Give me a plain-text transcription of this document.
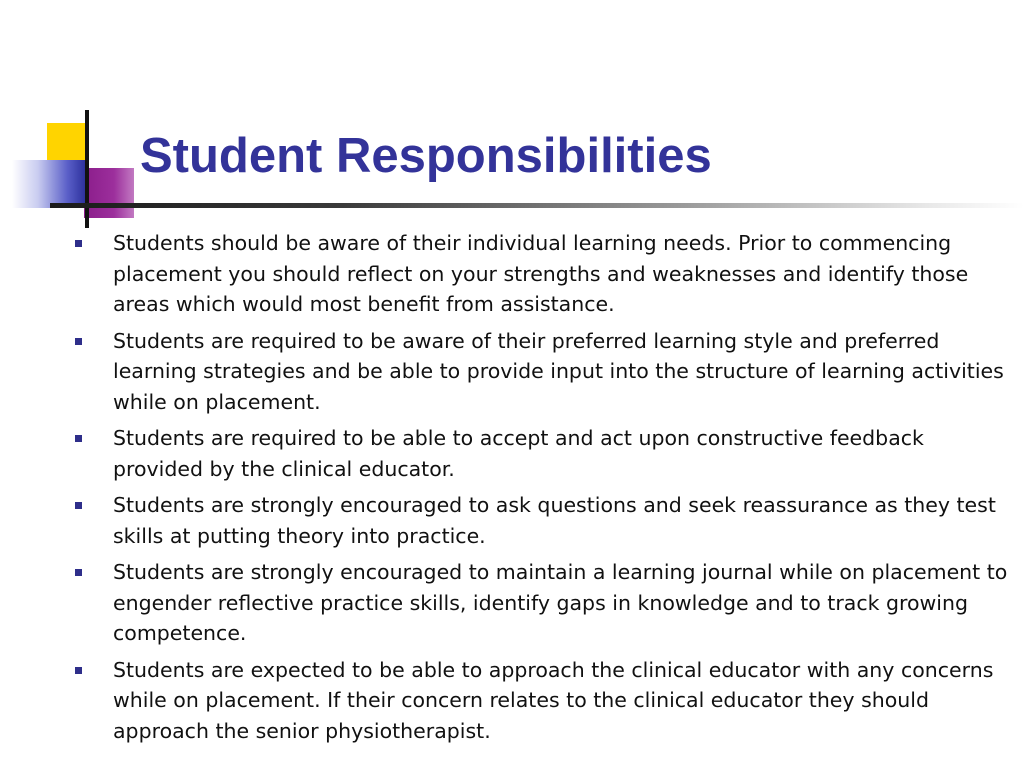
Student Responsibilities
Students should be aware of their individual learning needs. Prior to commencing placement you should reflect on your strengths and weaknesses and identify those areas which would most benefit from assistance.
Students are required to be aware of their preferred learning style and preferred learning strategies and be able to provide input into the structure of learning activities while on placement.
Students are required to be able to accept and act upon constructive feedback provided by the clinical educator.
Students are strongly encouraged to ask questions and seek reassurance as they test skills at putting theory into practice.
Students are strongly encouraged to maintain a learning journal while on placement to engender reflective practice skills, identify gaps in knowledge and to track growing competence.
Students are expected to be able to approach the clinical educator with any concerns while on placement. If their concern relates to the clinical educator they should approach the senior physiotherapist.
